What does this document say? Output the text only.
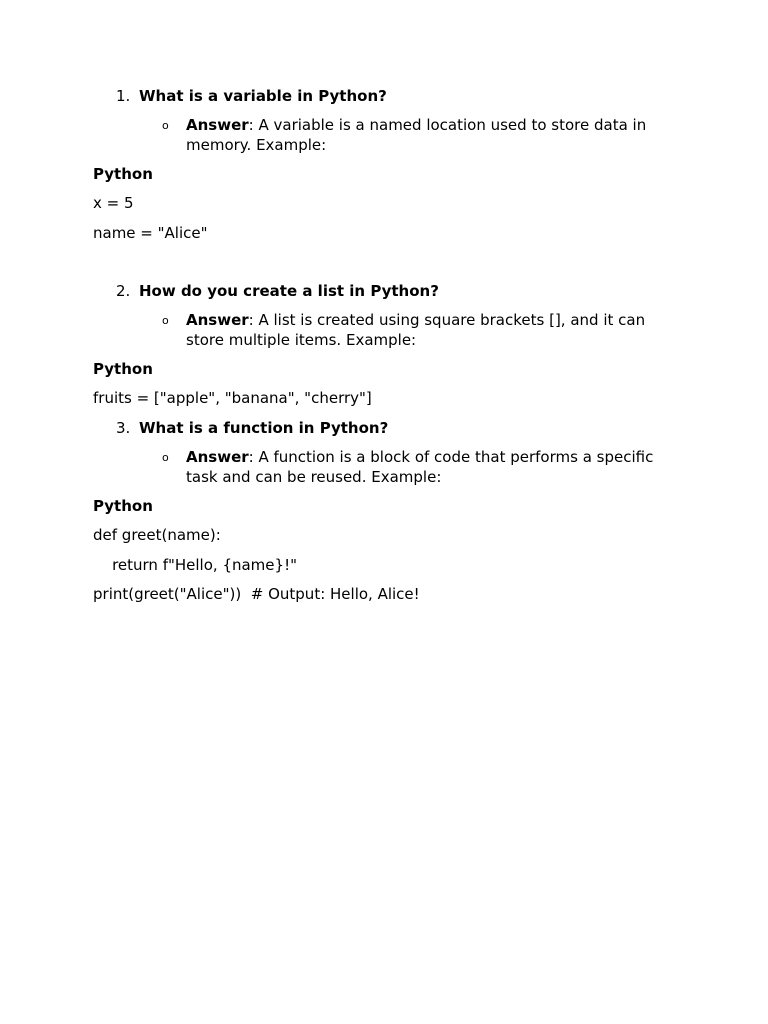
1. What is a variable in Python?
o Answer: A variable is a named location used to store data in memory. Example:
Python
x = 5
name = "Alice"
2. How do you create a list in Python?
o Answer: A list is created using square brackets [], and it can store multiple items. Example:
Python
fruits = ["apple", "banana", "cherry"]
3. What is a function in Python?
o Answer: A function is a block of code that performs a specific task and can be reused. Example:
Python
def greet(name):
return f"Hello, {name}!"
print(greet("Alice"))  # Output: Hello, Alice!
